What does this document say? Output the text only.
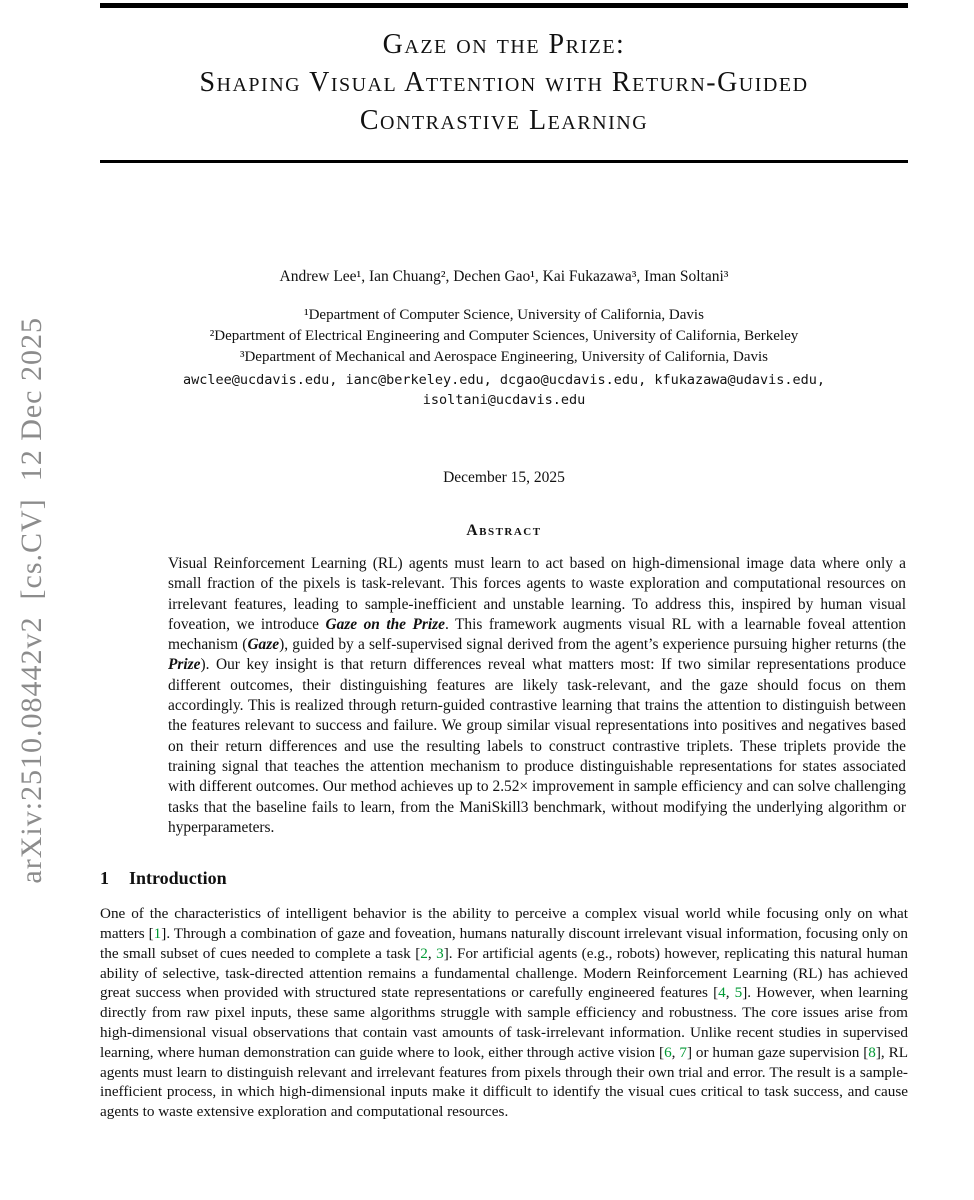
arXiv:2510.08442v2  [cs.CV]  12 Dec 2025
Gaze on the Prize:
Shaping Visual Attention with Return-Guided
Contrastive Learning
Andrew Lee¹, Ian Chuang², Dechen Gao¹, Kai Fukazawa³, Iman Soltani³
¹Department of Computer Science, University of California, Davis
²Department of Electrical Engineering and Computer Sciences, University of California, Berkeley
³Department of Mechanical and Aerospace Engineering, University of California, Davis
awclee@ucdavis.edu, ianc@berkeley.edu, dcgao@ucdavis.edu, kfukazawa@udavis.edu, isoltani@ucdavis.edu
December 15, 2025
Abstract

Visual Reinforcement Learning (RL) agents must learn to act based on high-dimensional image data where only a small fraction of the pixels is task-relevant. This forces agents to waste exploration and computational resources on irrelevant features, leading to sample-inefficient and unstable learning. To address this, inspired by human visual foveation, we introduce Gaze on the Prize. This framework augments visual RL with a learnable foveal attention mechanism (Gaze), guided by a self-supervised signal derived from the agent’s experience pursuing higher returns (the Prize). Our key insight is that return differences reveal what matters most: If two similar representations produce different outcomes, their distinguishing features are likely task-relevant, and the gaze should focus on them accordingly. This is realized through return-guided contrastive learning that trains the attention to distinguish between the features relevant to success and failure. We group similar visual representations into positives and negatives based on their return differences and use the resulting labels to construct contrastive triplets. These triplets provide the training signal that teaches the attention mechanism to produce distinguishable representations for states associated with different outcomes. Our method achieves up to 2.52× improvement in sample efficiency and can solve challenging tasks that the baseline fails to learn, from the ManiSkill3 benchmark, without modifying the underlying algorithm or hyperparameters.

1 Introduction

One of the characteristics of intelligent behavior is the ability to perceive a complex visual world while focusing only on what matters [1]. Through a combination of gaze and foveation, humans naturally discount irrelevant visual information, focusing only on the small subset of cues needed to complete a task [2, 3]. For artificial agents (e.g., robots) however, replicating this natural human ability of selective, task-directed attention remains a fundamental challenge. Modern Reinforcement Learning (RL) has achieved great success when provided with structured state representations or carefully engineered features [4, 5]. However, when learning directly from raw pixel inputs, these same algorithms struggle with sample efficiency and robustness. The core issues arise from high-dimensional visual observations that contain vast amounts of task-irrelevant information. Unlike recent studies in supervised learning, where human demonstration can guide where to look, either through active vision [6, 7] or human gaze supervision [8], RL agents must learn to distinguish relevant and irrelevant features from pixels through their own trial and error. The result is a sample-inefficient process, in which high-dimensional inputs make it difficult to identify the visual cues critical to task success, and cause agents to waste extensive exploration and computational resources.
